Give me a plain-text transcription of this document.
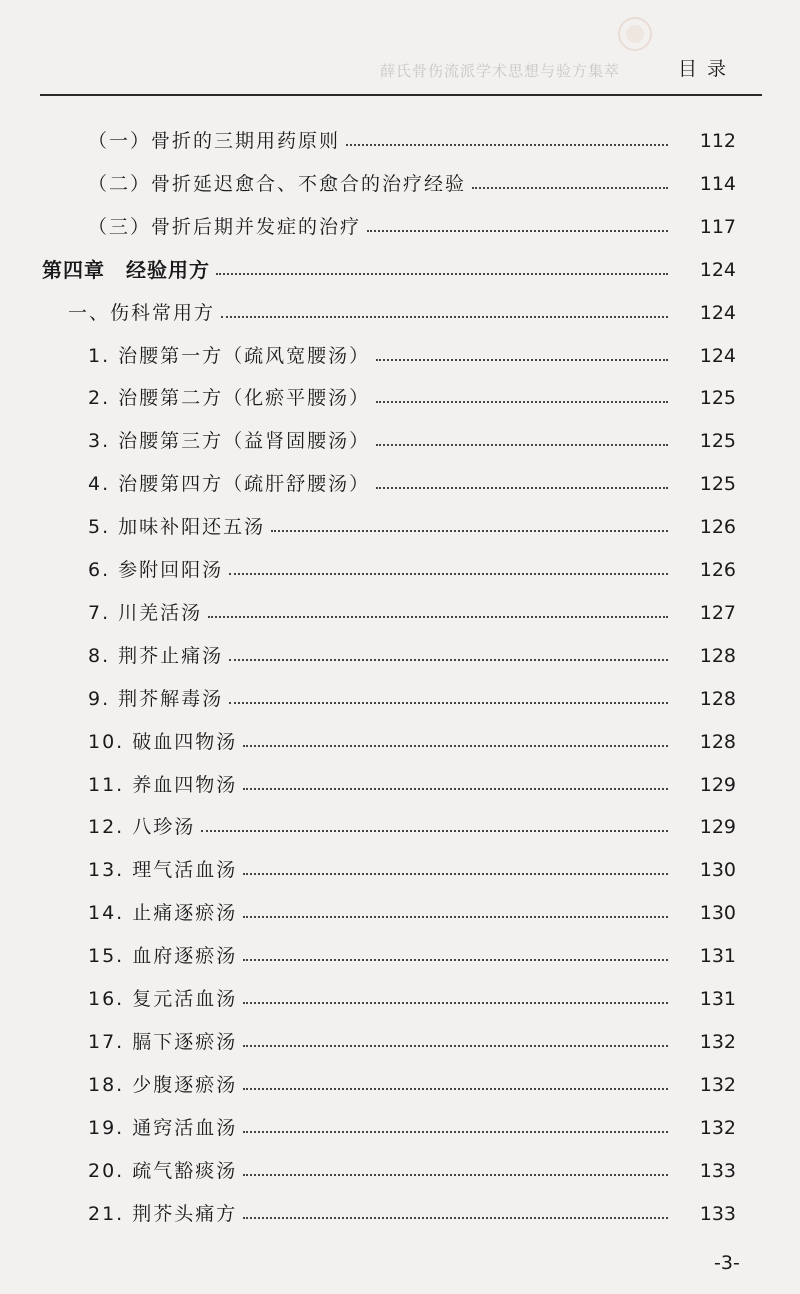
薛氏骨伤流派学术思想与验方集萃	目录
（一）骨折的三期用药原则	112
（二）骨折延迟愈合、不愈合的治疗经验	114
（三）骨折后期并发症的治疗	117
第四章　经验用方	124
一、伤科常用方	124
1. 治腰第一方（疏风宽腰汤）	124
2. 治腰第二方（化瘀平腰汤）	125
3. 治腰第三方（益肾固腰汤）	125
4. 治腰第四方（疏肝舒腰汤）	125
5. 加味补阳还五汤	126
6. 参附回阳汤	126
7. 川羌活汤	127
8. 荆芥止痛汤	128
9. 荆芥解毒汤	128
10. 破血四物汤	128
11. 养血四物汤	129
12. 八珍汤	129
13. 理气活血汤	130
14. 止痛逐瘀汤	130
15. 血府逐瘀汤	131
16. 复元活血汤	131
17. 膈下逐瘀汤	132
18. 少腹逐瘀汤	132
19. 通窍活血汤	132
20. 疏气豁痰汤	133
21. 荆芥头痛方	133
-3-
